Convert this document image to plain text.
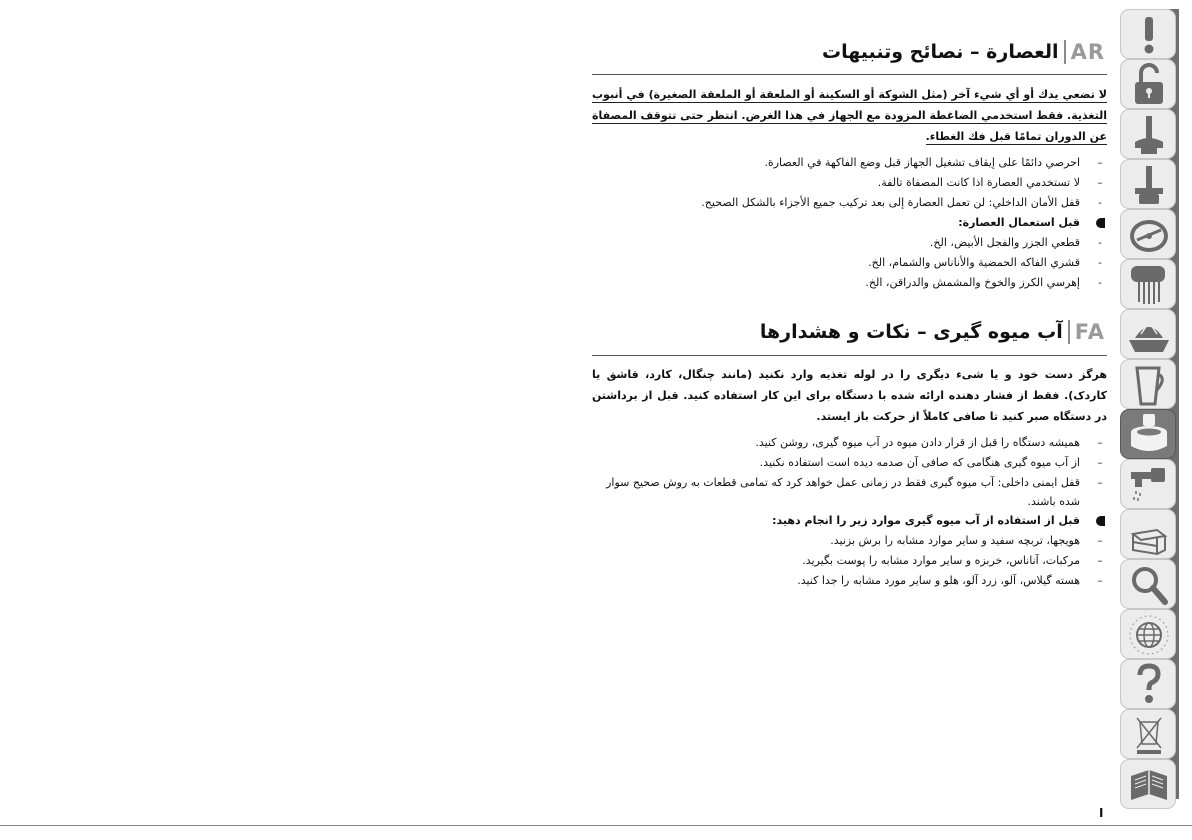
العصارة – نصائح وتنبيهات AR
لا تضعي يدك أو أي شيء آخر (مثل الشوكة أو السكينة أو الملعقة أو الملعقة الصغيرة) في أنبوب التغذية. فقط استخدمي الضاغطة المزودة مع الجهاز في هذا الغرض. انتظر حتى تتوقف المصفاة عن الدوران تمامًا قبل فك الغطاء.
–
احرصي دائمًا على إيقاف تشغيل الجهاز قبل وضع الفاكهة في العصارة.
–
لا تستخدمي العصارة اذا كانت المصفاة تالفة.
-
قفل الأمان الداخلي: لن تعمل العصارة إلى بعد تركيب جميع الأجزاء بالشكل الصحيح.
قبل استعمال العصارة:
-
قطعي الجزر والفجل الأبيض، الخ.
-
قشري الفاكه الحمضية والأناناس والشمام، الخ.
-
إهرسي الكرز والخوخ والمشمش والدراقن، الخ.
آب میوه گیری – نکات و هشدارها FA
هرگز دست خود و یا شیء دیگری را در لوله تغذیه وارد نکنید (مانند چنگال، کارد، قاشق یا کاردک). فقط از فشار دهنده ارائه شده با دستگاه برای این کار استفاده کنید. قبل از برداشتن در دستگاه صبر کنید تا صافی کاملاً از حرکت باز ایستد.
–
همیشه دستگاه را قبل از قرار دادن میوه در آب میوه گیری، روشن کنید.
–
از آب میوه گیری هنگامی که صافی آن صدمه دیده است استفاده نکنید.
–
قفل ایمنی داخلی: آب میوه گیری فقط در زمانی عمل خواهد کرد که تمامی قطعات به روش صحیح سوار شده باشند.
قبل از استفاده از آب میوه گیری موارد زیر را انجام دهید:
–
هویجها، تربچه سفید و سایر موارد مشابه را برش بزنید.
–
مرکبات، آناناس، خربزه و سایر موارد مشابه را پوست بگیرید.
–
هسته گیلاس، آلو، زرد آلو، هلو و سایر مورد مشابه را جدا کنید.
I
